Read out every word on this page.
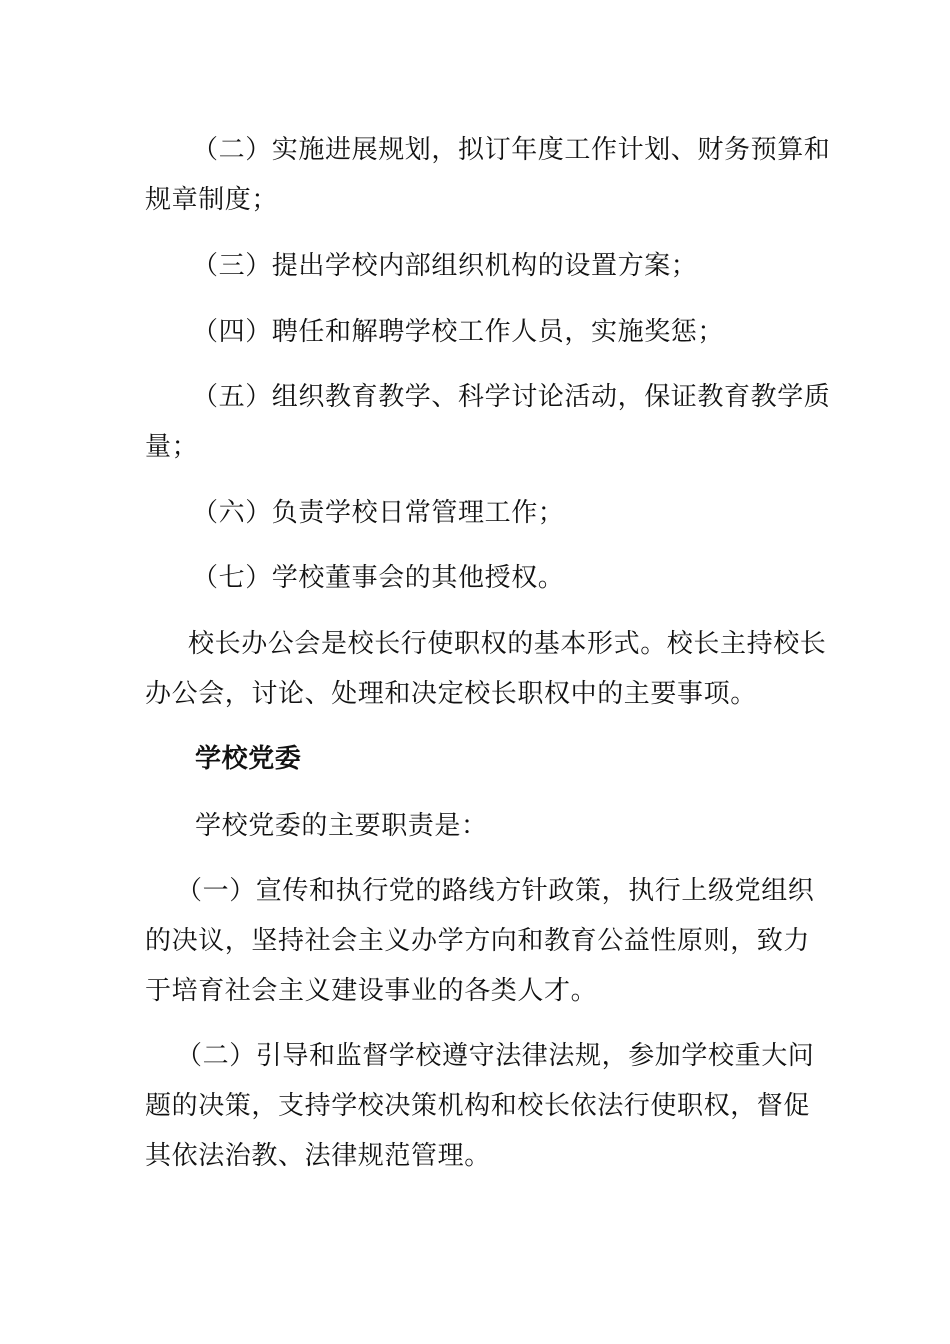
（二）实施进展规划，拟订年度工作计划、财务预算和
规章制度；
（三）提出学校内部组织机构的设置方案；
（四）聘任和解聘学校工作人员，实施奖惩；
（五）组织教育教学、科学讨论活动，保证教育教学质
量；
（六）负责学校日常管理工作；
（七）学校董事会的其他授权。
校长办公会是校长行使职权的基本形式。校长主持校长
办公会，讨论、处理和决定校长职权中的主要事项。
学校党委
学校党委的主要职责是：
（一）宣传和执行党的路线方针政策，执行上级党组织
的决议，坚持社会主义办学方向和教育公益性原则，致力
于培育社会主义建设事业的各类人才。
（二）引导和监督学校遵守法律法规，参加学校重大问
题的决策，支持学校决策机构和校长依法行使职权，督促
其依法治教、法律规范管理。
